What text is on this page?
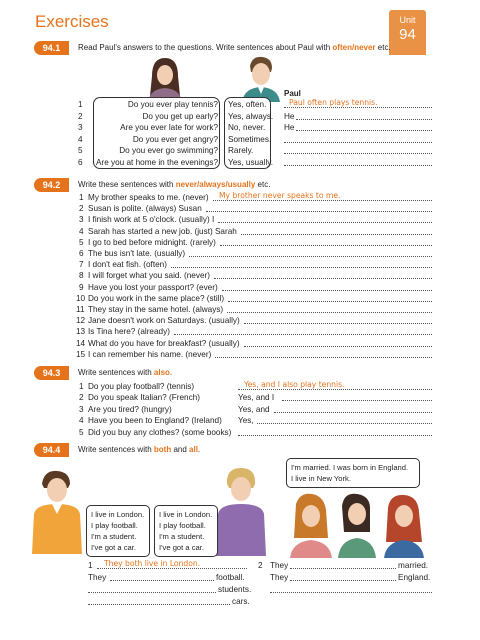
Exercises	Unit
94
94.1	Read Paul's answers to the questions. Write sentences about Paul with often/never etc.
Paul
1	Do you ever play tennis? Yes, often.	Paul often plays tennis.
2	Do you get up early? Yes, always. He
3	Are you ever late for work? No, never. He
4	Do you ever get angry? Sometimes.
5	Do you ever go swimming? Rarely.
6 Are you at home in the evenings? Yes, usually.
94.2	Write these sentences with never/always/usually etc.
1 My brother speaks to me. (never) My brother never speaks to me.
2 Susan is polite. (always) Susan
3 I finish work at 5 o'clock. (usually) I
4 Sarah has started a new job. (just) Sarah
5 I go to bed before midnight. (rarely)
6 The bus isn't late. (usually)
7 I don't eat fish. (often)
8 I will forget what you said. (never)
9 Have you lost your passport? (ever)
10 Do you work in the same place? (still)
11 They stay in the same hotel. (always)
12 Jane doesn't work on Saturdays. (usually)
13 Is Tina here? (already)
14 What do you have for breakfast? (usually)
15 I can remember his name. (never)
94.3	Write sentences with also.
1 Do you play football? (tennis)	Yes, and I also play tennis.
2 Do you speak Italian? (French)	Yes, and I
3 Are you tired? (hungry)	Yes, and
4 Have you been to England? (Ireland) Yes,
5 Did you buy any clothes? (some books)
94.4	Write sentences with both and all.
I live in London.
I play football.
I'm a student.
I've got a car.
I live in London.
I play football.
I'm a student.
I've got a car.
I'm married. I was born in England.
I live in New York.
1 They both live in London.
They	football.
students.
cars.
2 They	married.
They	England.
